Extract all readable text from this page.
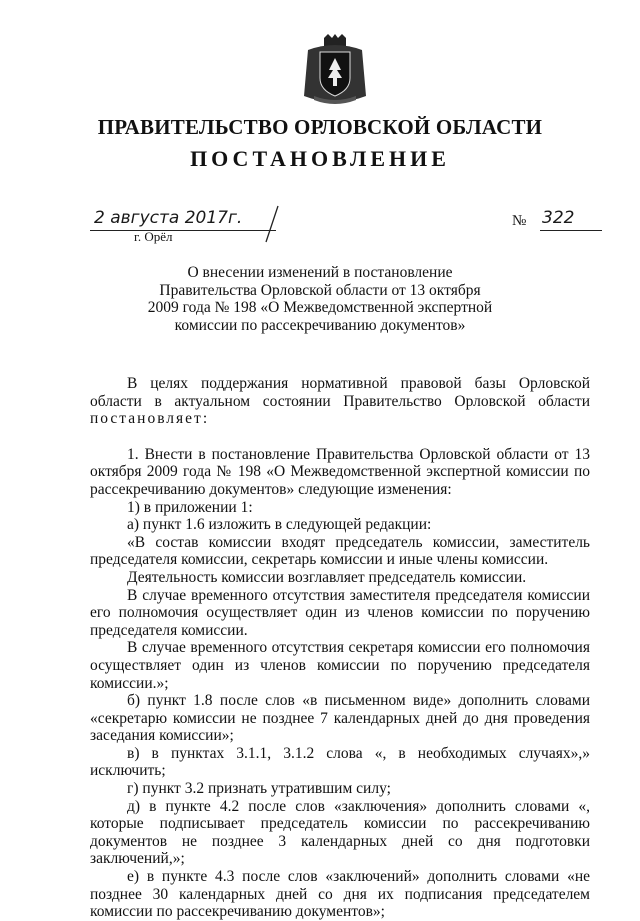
ПРАВИТЕЛЬСТВО ОРЛОВСКОЙ ОБЛАСТИ
ПОСТАНОВЛЕНИЕ
2 августа 2017г.
г. Орёл
№ 322
О внесении изменений в постановление
Правительства Орловской области от 13 октября
2009 года № 198 «О Межведомственной экспертной
комиссии по рассекречиванию документов»

В целях поддержания нормативной правовой базы Орловской области в актуальном состоянии Правительство Орловской области постановляет:

1. Внести в постановление Правительства Орловской области от 13 октября 2009 года № 198 «О Межведомственной экспертной комиссии по рассекречиванию документов» следующие изменения:

1) в приложении 1:

а) пункт 1.6 изложить в следующей редакции:

«В состав комиссии входят председатель комиссии, заместитель председателя комиссии, секретарь комиссии и иные члены комиссии.

Деятельность комиссии возглавляет председатель комиссии.

В случае временного отсутствия заместителя председателя комиссии его полномочия осуществляет один из членов комиссии по поручению председателя комиссии.

В случае временного отсутствия секретаря комиссии его полномочия осуществляет один из членов комиссии по поручению председателя комиссии.»;

б) пункт 1.8 после слов «в письменном виде» дополнить словами «секретарю комиссии не позднее 7 календарных дней до дня проведения заседания комиссии»;

в) в пунктах 3.1.1, 3.1.2 слова «, в необходимых случаях»,» исключить;

г) пункт 3.2 признать утратившим силу;

д) в пункте 4.2 после слов «заключения» дополнить словами «, которые подписывает председатель комиссии по рассекречиванию документов не позднее 3 календарных дней со дня подготовки заключений,»;

е) в пункте 4.3 после слов «заключений» дополнить словами «не позднее 30 календарных дней со дня их подписания председателем комиссии по рассекречиванию документов»;
